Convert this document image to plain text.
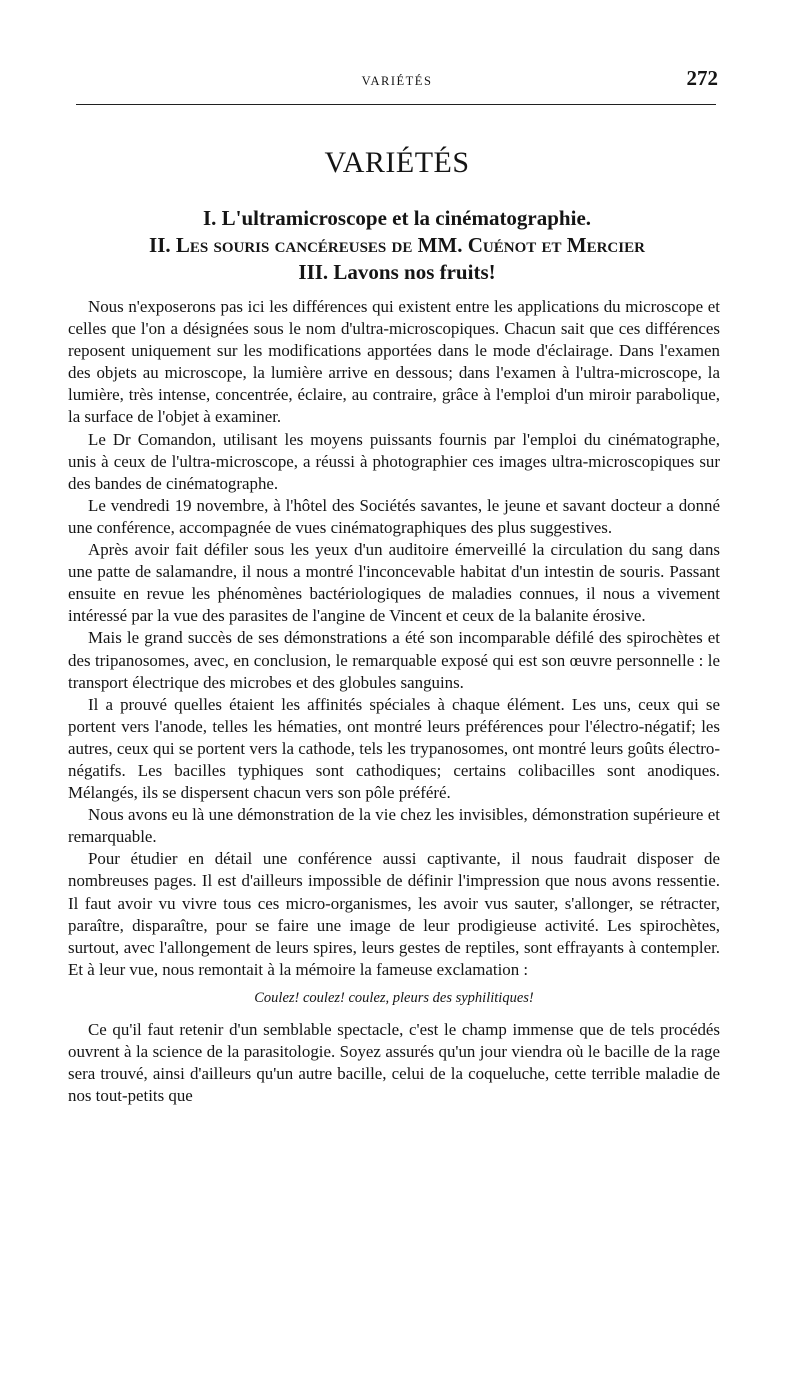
VARIÉTÉS	272
VARIÉTÉS
I. L'ultramicroscope et la cinématographie.
II. Les souris cancéreuses de MM. Cuénot et Mercier
III. Lavons nos fruits!

Nous n'exposerons pas ici les différences qui existent entre les applications du microscope et celles que l'on a désignées sous le nom d'ultra-microscopiques. Chacun sait que ces différences reposent uniquement sur les modifications apportées dans le mode d'éclairage. Dans l'examen des objets au microscope, la lumière arrive en dessous; dans l'examen à l'ultra-microscope, la lumière, très intense, concentrée, éclaire, au contraire, grâce à l'emploi d'un miroir parabolique, la surface de l'objet à examiner.

Le Dr Comandon, utilisant les moyens puissants fournis par l'emploi du cinématographe, unis à ceux de l'ultra-microscope, a réussi à photographier ces images ultra-microscopiques sur des bandes de cinématographe.

Le vendredi 19 novembre, à l'hôtel des Sociétés savantes, le jeune et savant docteur a donné une conférence, accompagnée de vues cinématographiques des plus suggestives.

Après avoir fait défiler sous les yeux d'un auditoire émerveillé la circulation du sang dans une patte de salamandre, il nous a montré l'inconcevable habitat d'un intestin de souris. Passant ensuite en revue les phénomènes bactériologiques de maladies connues, il nous a vivement intéressé par la vue des parasites de l'angine de Vincent et ceux de la balanite érosive.

Mais le grand succès de ses démonstrations a été son incomparable défilé des spirochètes et des tripanosomes, avec, en conclusion, le remarquable exposé qui est son œuvre personnelle : le transport électrique des microbes et des globules sanguins.

Il a prouvé quelles étaient les affinités spéciales à chaque élément. Les uns, ceux qui se portent vers l'anode, telles les hématies, ont montré leurs préférences pour l'électro-négatif; les autres, ceux qui se portent vers la cathode, tels les trypanosomes, ont montré leurs goûts électro-négatifs. Les bacilles typhiques sont cathodiques; certains colibacilles sont anodiques. Mélangés, ils se dispersent chacun vers son pôle préféré.

Nous avons eu là une démonstration de la vie chez les invisibles, démonstration supérieure et remarquable.

Pour étudier en détail une conférence aussi captivante, il nous faudrait disposer de nombreuses pages. Il est d'ailleurs impossible de définir l'impression que nous avons ressentie. Il faut avoir vu vivre tous ces micro-organismes, les avoir vus sauter, s'allonger, se rétracter, paraître, disparaître, pour se faire une image de leur prodigieuse activité. Les spirochètes, surtout, avec l'allongement de leurs spires, leurs gestes de reptiles, sont effrayants à contempler. Et à leur vue, nous remontait à la mémoire la fameuse exclamation :

Coulez! coulez! coulez, pleurs des syphilitiques!

Ce qu'il faut retenir d'un semblable spectacle, c'est le champ immense que de tels procédés ouvrent à la science de la parasitologie. Soyez assurés qu'un jour viendra où le bacille de la rage sera trouvé, ainsi d'ailleurs qu'un autre bacille, celui de la coqueluche, cette terrible maladie de nos tout-petits que
